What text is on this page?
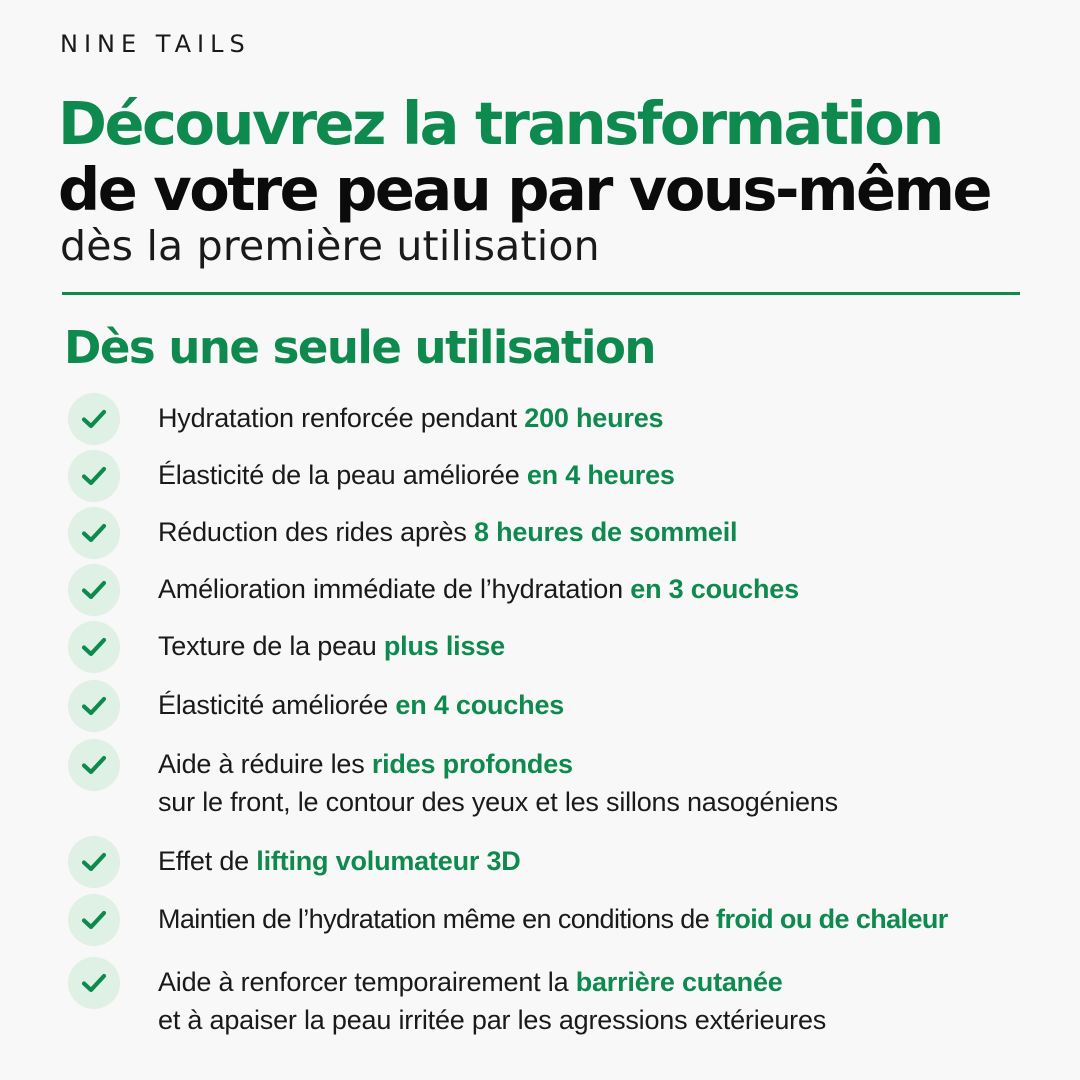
NINE TAILS
Découvrez la transformation
de votre peau par vous-même
dès la première utilisation
Dès une seule utilisation
Hydratation renforcée pendant 200 heures
Élasticité de la peau améliorée en 4 heures
Réduction des rides après 8 heures de sommeil
Amélioration immédiate de l’hydratation en 3 couches
Texture de la peau plus lisse
Élasticité améliorée en 4 couches
Aide à réduire les rides profondes
sur le front, le contour des yeux et les sillons nasogéniens
Effet de lifting volumateur 3D
Maintien de l’hydratation même en conditions de froid ou de chaleur
Aide à renforcer temporairement la barrière cutanée
et à apaiser la peau irritée par les agressions extérieures
